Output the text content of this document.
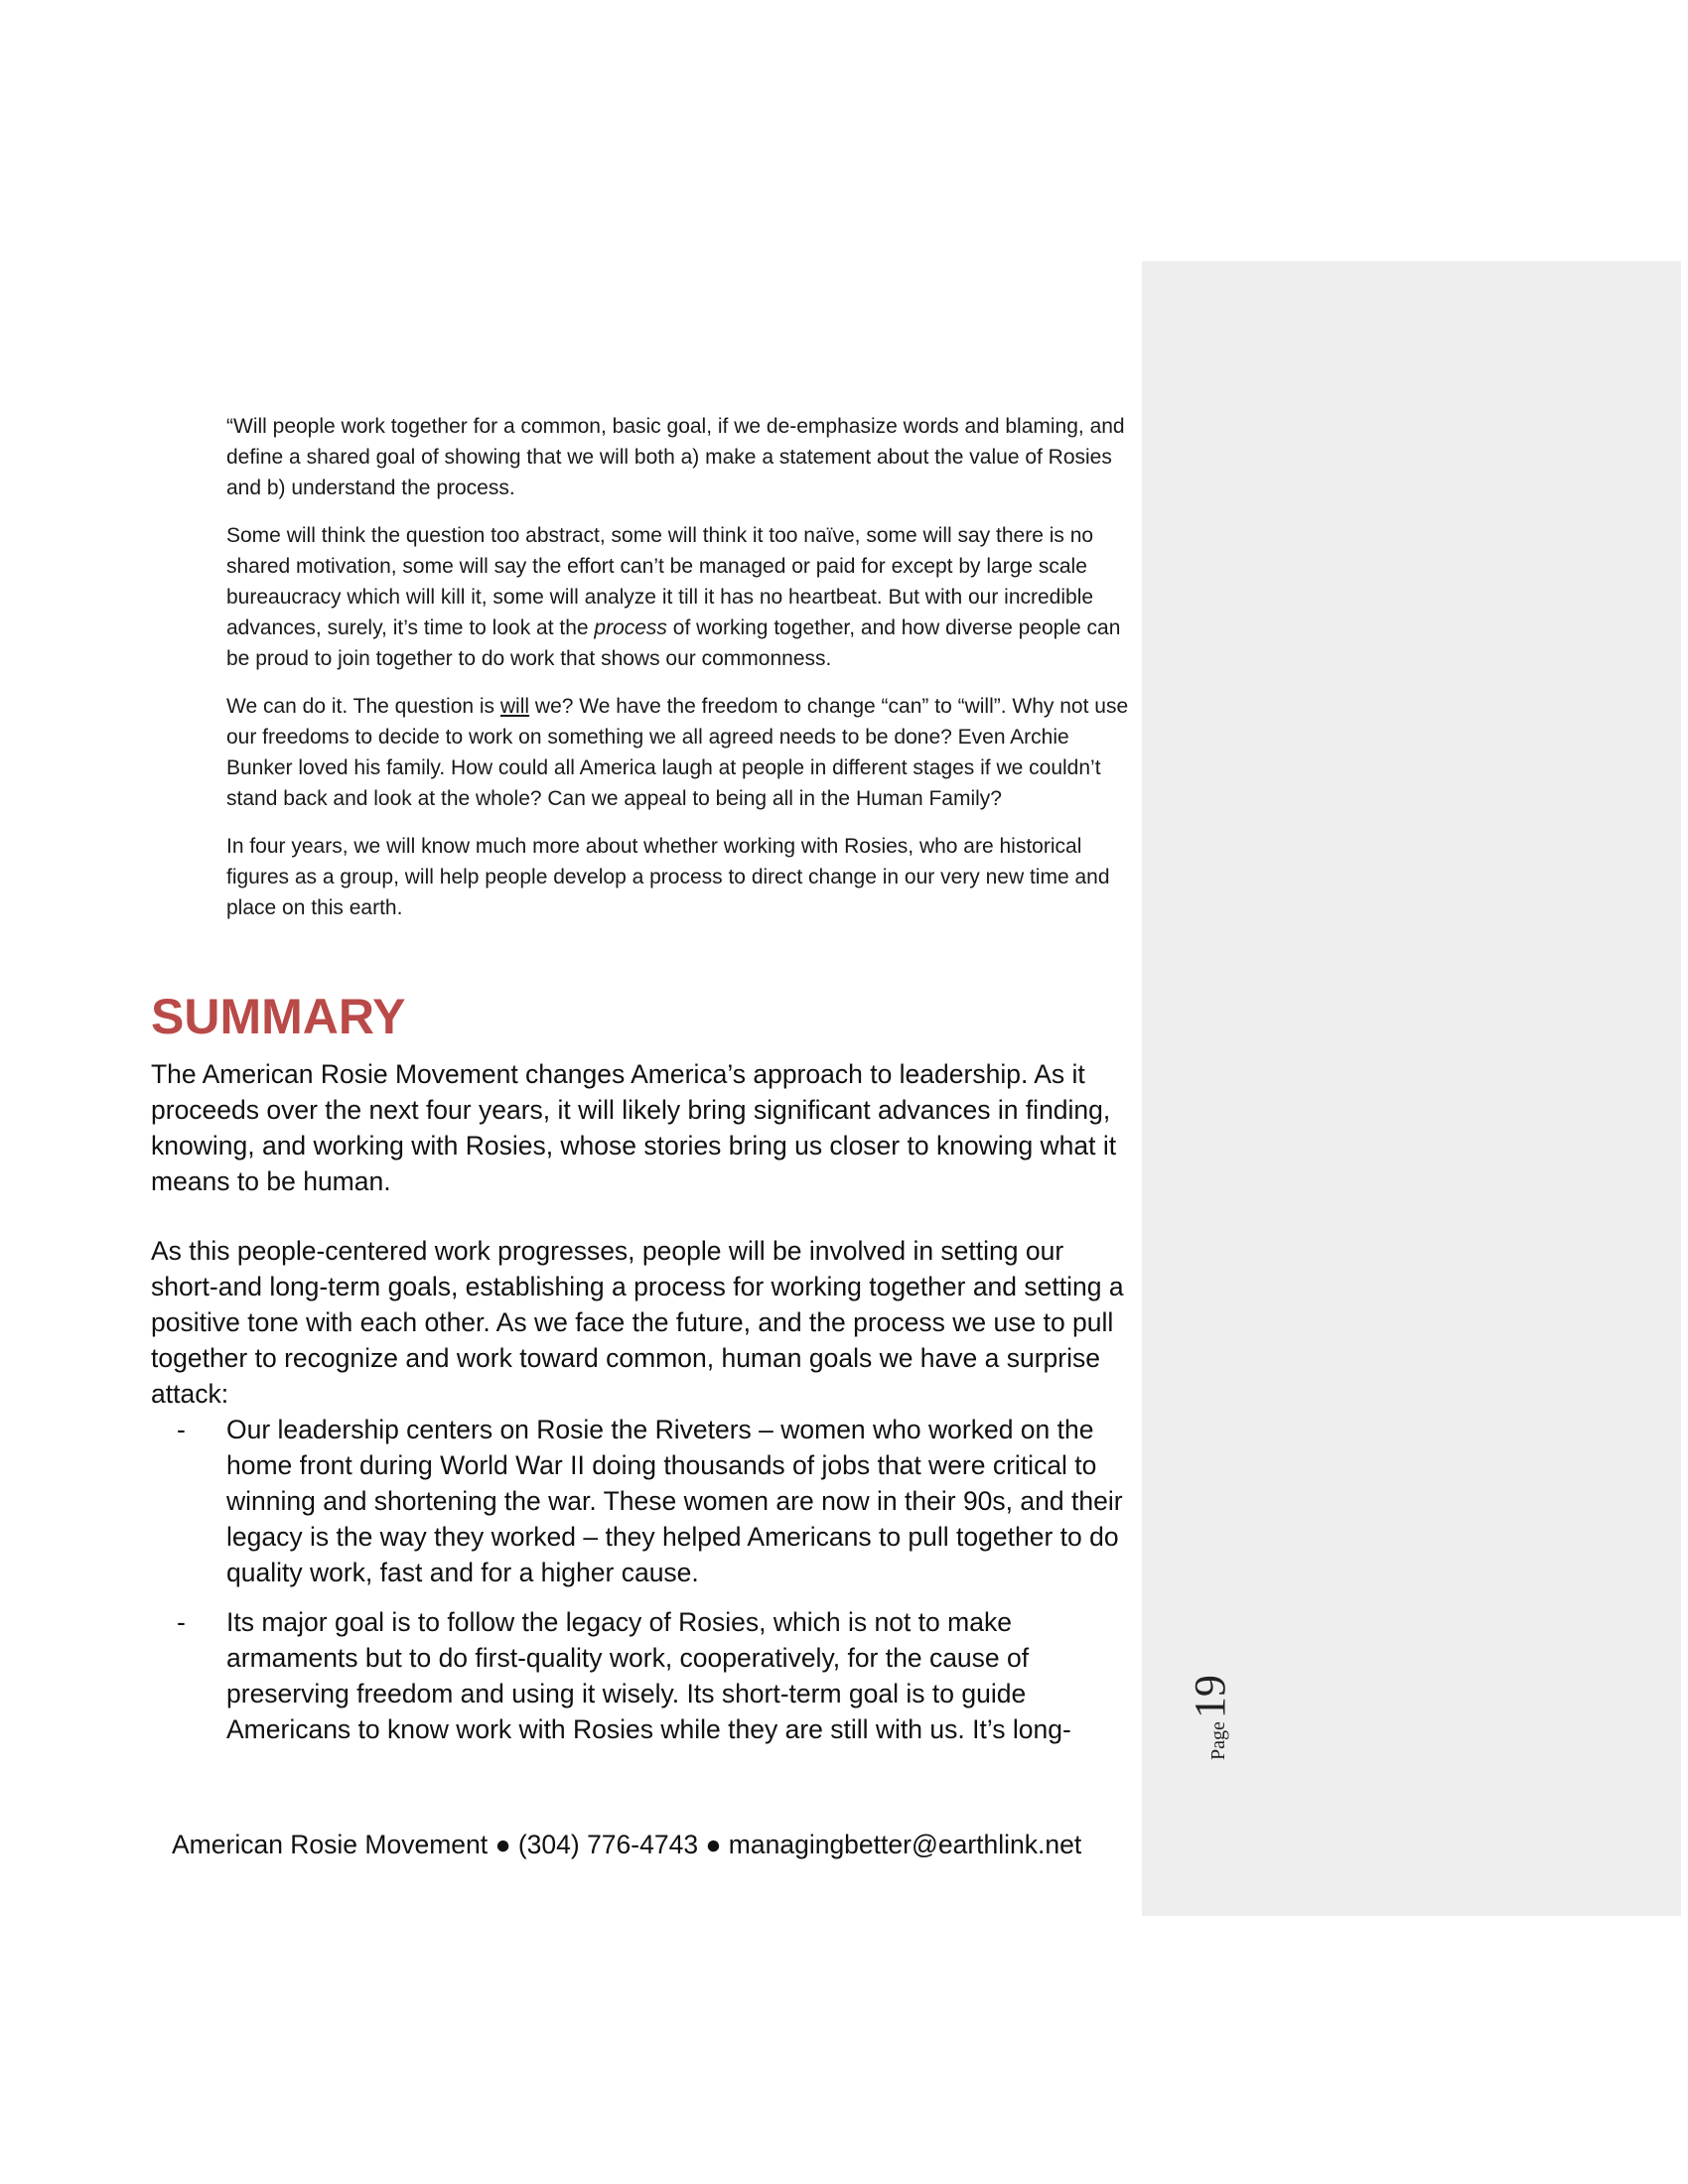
“Will people work together for a common, basic goal, if we de-emphasize words and blaming, and define a shared goal of showing that we will both a) make a statement about the value of Rosies and b) understand the process.

Some will think the question too abstract, some will think it too naïve, some will say there is no shared motivation, some will say the effort can’t be managed or paid for except by large scale bureaucracy which will kill it, some will analyze it till it has no heartbeat. But with our incredible advances, surely, it’s time to look at the process of working together, and how diverse people can be proud to join together to do work that shows our commonness.

We can do it. The question is will we? We have the freedom to change “can” to “will”. Why not use our freedoms to decide to work on something we all agreed needs to be done? Even Archie Bunker loved his family. How could all America laugh at people in different stages if we couldn’t stand back and look at the whole? Can we appeal to being all in the Human Family?

In four years, we will know much more about whether working with Rosies, who are historical figures as a group, will help people develop a process to direct change in our very new time and place on this earth.

SUMMARY

The American Rosie Movement changes America’s approach to leadership. As it proceeds over the next four years, it will likely bring significant advances in finding, knowing, and working with Rosies, whose stories bring us closer to knowing what it means to be human.

As this people-centered work progresses, people will be involved in setting our short-and long-term goals, establishing a process for working together and setting a positive tone with each other. As we face the future, and the process we use to pull together to recognize and work toward common, human goals we have a surprise attack:

- Our leadership centers on Rosie the Riveters – women who worked on the home front during World War II doing thousands of jobs that were critical to winning and shortening the war. These women are now in their 90s, and their legacy is the way they worked – they helped Americans to pull together to do quality work, fast and for a higher cause.
- Its major goal is to follow the legacy of Rosies, which is not to make armaments but to do first-quality work, cooperatively, for the cause of preserving freedom and using it wisely. Its short-term goal is to guide Americans to know work with Rosies while they are still with us. It’s long-
American Rosie Movement ● (304) 776-4743 ● managingbetter@earthlink.net
Page19
